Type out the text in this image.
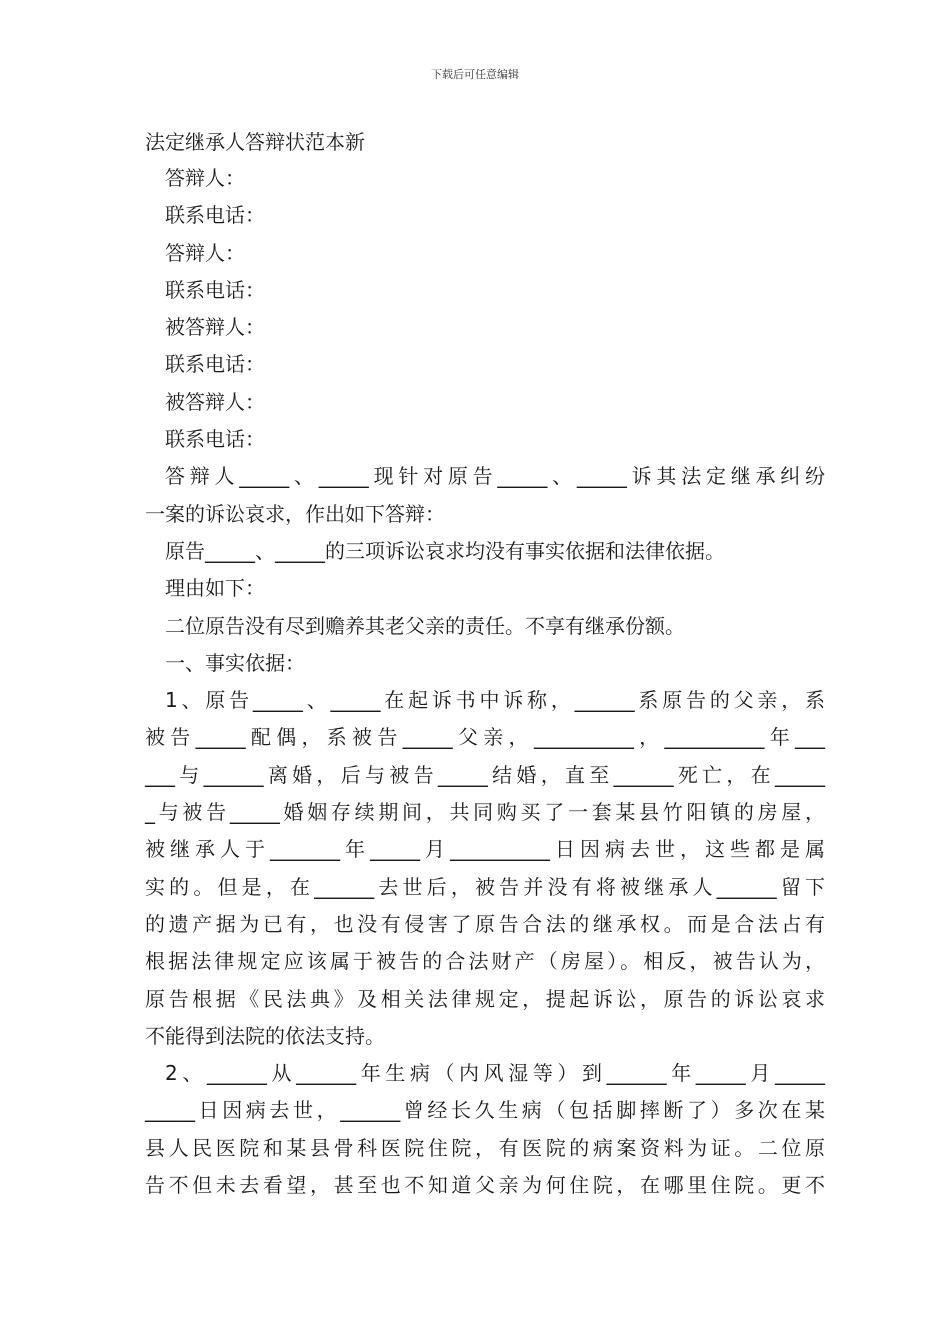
下载后可任意编辑
法定继承人答辩状范本新
答辩人：
联系电话：
答辩人：
联系电话：
被答辩人：
联系电话：
被答辩人：
联系电话：
答辩人_____、_____现针对原告_____、_____诉其法定继承纠纷
一案的诉讼哀求，作出如下答辩：
原告_____、_____的三项诉讼哀求均没有事实依据和法律依据。
理由如下：
二位原告没有尽到赡养其老父亲的责任。不享有继承份额。
一、事实依据：
1、原告_____、_____在起诉书中诉称，______系原告的父亲，系
被告_____配偶，系被告_____父亲，__________，__________年___
___与______离婚，后与被告_____结婚，直至______死亡，在_____
_与被告_____婚姻存续期间，共同购买了一套某县竹阳镇的房屋，
被继承人于_______年_____月__________日因病去世，这些都是属
实的。但是，在______去世后，被告并没有将被继承人______留下
的遗产据为已有，也没有侵害了原告合法的继承权。而是合法占有
根据法律规定应该属于被告的合法财产（房屋）。相反，被告认为，
原告根据《民法典》及相关法律规定，提起诉讼，原告的诉讼哀求
不能得到法院的依法支持。
2、______从______年生病（内风湿等）到______年_____月_____
_____日因病去世，______曾经长久生病（包括脚摔断了）多次在某
县人民医院和某县骨科医院住院，有医院的病案资料为证。二位原
告不但未去看望，甚至也不知道父亲为何住院，在哪里住院。更不
